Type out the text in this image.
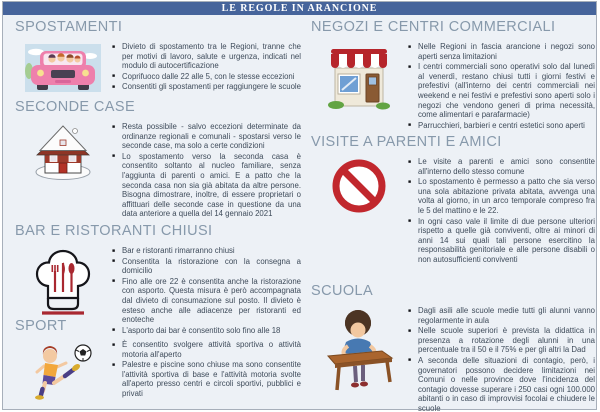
LE REGOLE IN ARANCIONE
SPOSTAMENTI
■ Divieto di spostamento tra le Regioni, tranne che per motivi di lavoro, salute e urgenza, indicati nel modulo di autocertificazione
■ Coprifuoco dalle 22 alle 5, con le stesse eccezioni
■ Consentiti gli spostamenti per raggiungere le scuole
SECONDE CASE
■ Resta possibile - salvo eccezioni determinate da ordinanze regionali e comunali - spostarsi verso le seconde case, ma solo a certe condizioni
■ Lo spostamento verso la seconda casa è consentito soltanto al nucleo familiare, senza l'aggiunta di parenti o amici. E a patto che la seconda casa non sia già abitata da altre persone. Bisogna dimostrare, inoltre, di essere proprietari o affittuari delle seconde case in questione da una data anteriore a quella del 14 gennaio 2021
BAR E RISTORANTI CHIUSI
■ Bar e ristoranti rimarranno chiusi
■ Consentita la ristorazione con la consegna a domicilio
■ Fino alle ore 22 è consentita anche la ristorazione con asporto. Questa misura è però accompagnata dal divieto di consumazione sul posto. Il divieto è esteso anche alle adiacenze per ristoranti ed enoteche
■ L'asporto dai bar è consentito solo fino alle 18
SPORT
■ È consentito svolgere attività sportiva o attività motoria all'aperto
■ Palestre e piscine sono chiuse ma sono consentite l'attività sportiva di base e l'attività motoria svolte all'aperto presso centri e circoli sportivi, pubblici e privati
NEGOZI E CENTRI COMMERCIALI
■ Nelle Regioni in fascia arancione i negozi sono aperti senza limitazioni
■ I centri commerciali sono operativi solo dal lunedì al venerdì, restano chiusi tutti i giorni festivi e prefestivi (all'interno dei centri commerciali nei weekend e nei festivi e prefestivi sono aperti solo i negozi che vendono generi di prima necessità, come alimentari e parafarmacie)
■ Parrucchieri, barbieri e centri estetici sono aperti
VISITE A PARENTI E AMICI
■ Le visite a parenti e amici sono consentite all'interno dello stesso comune
■ Lo spostamento è permesso a patto che sia verso una sola abitazione privata abitata, avvenga una volta al giorno, in un arco temporale compreso fra le 5 del mattino e le 22.
■ In ogni caso vale il limite di due persone ulteriori rispetto a quelle già conviventi, oltre ai minori di anni 14 sui quali tali persone esercitino la responsabilità genitoriale e alle persone disabili o non autosufficienti conviventi
SCUOLA
■ Dagli asili alle scuole medie tutti gli alunni vanno regolarmente in aula
■ Nelle scuole superiori è prevista la didattica in presenza a rotazione degli alunni in una percentuale tra il 50 e il 75% e per gli altri la Dad
■ A seconda delle situazioni di contagio, però, i governatori possono decidere limitazioni nei Comuni o nelle province dove l'incidenza del contagio dovesse superare i 250 casi ogni 100.000 abitanti o in caso di improvvisi focolai e chiudere le scuole
